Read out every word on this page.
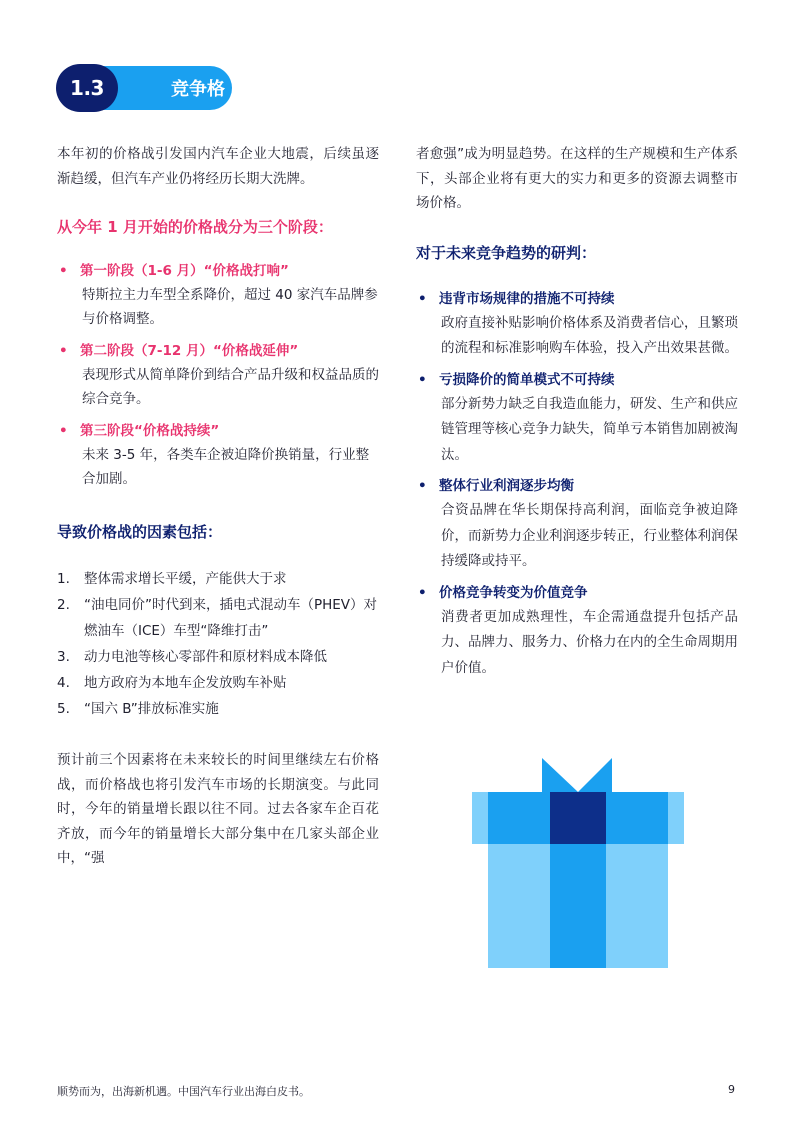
竞争格局
1.3

本年初的价格战引发国内汽车企业大地震，后续虽逐渐趋缓，但汽车产业仍将经历长期大洗牌。

从今年 1 月开始的价格战分为三个阶段：
• 第一阶段（1-6 月）“价格战打响”
特斯拉主力车型全系降价，超过 40 家汽车品牌参与价格调整。
• 第二阶段（7-12 月）“价格战延伸”
表现形式从简单降价到结合产品升级和权益品质的综合竞争。
• 第三阶段“价格战持续”
未来 3-5 年，各类车企被迫降价换销量，行业整合加剧。
导致价格战的因素包括：
1. 整体需求增长平缓，产能供大于求
2. “油电同价”时代到来，插电式混动车（PHEV）对燃油车（ICE）车型“降维打击”
3. 动力电池等核心零部件和原材料成本降低
4. 地方政府为本地车企发放购车补贴
5. “国六 B”排放标准实施

预计前三个因素将在未来较长的时间里继续左右价格战，而价格战也将引发汽车市场的长期演变。与此同时，今年的销量增长跟以往不同。过去各家车企百花齐放，而今年的销量增长大部分集中在几家头部企业中，“强

者愈强”成为明显趋势。在这样的生产规模和生产体系下，头部企业将有更大的实力和更多的资源去调整市场价格。

对于未来竞争趋势的研判：
• 违背市场规律的措施不可持续
政府直接补贴影响价格体系及消费者信心，且繁琐的流程和标准影响购车体验，投入产出效果甚微。
• 亏损降价的简单模式不可持续
部分新势力缺乏自我造血能力，研发、生产和供应链管理等核心竞争力缺失，简单亏本销售加剧被淘汰。
• 整体行业利润逐步均衡
合资品牌在华长期保持高利润，面临竞争被迫降价，而新势力企业利润逐步转正，行业整体利润保持缓降或持平。
• 价格竞争转变为价值竞争
消费者更加成熟理性，车企需通盘提升包括产品力、品牌力、服务力、价格力在内的全生命周期用户价值。
顺势而为，出海新机遇。中国汽车行业出海白皮书。	9
